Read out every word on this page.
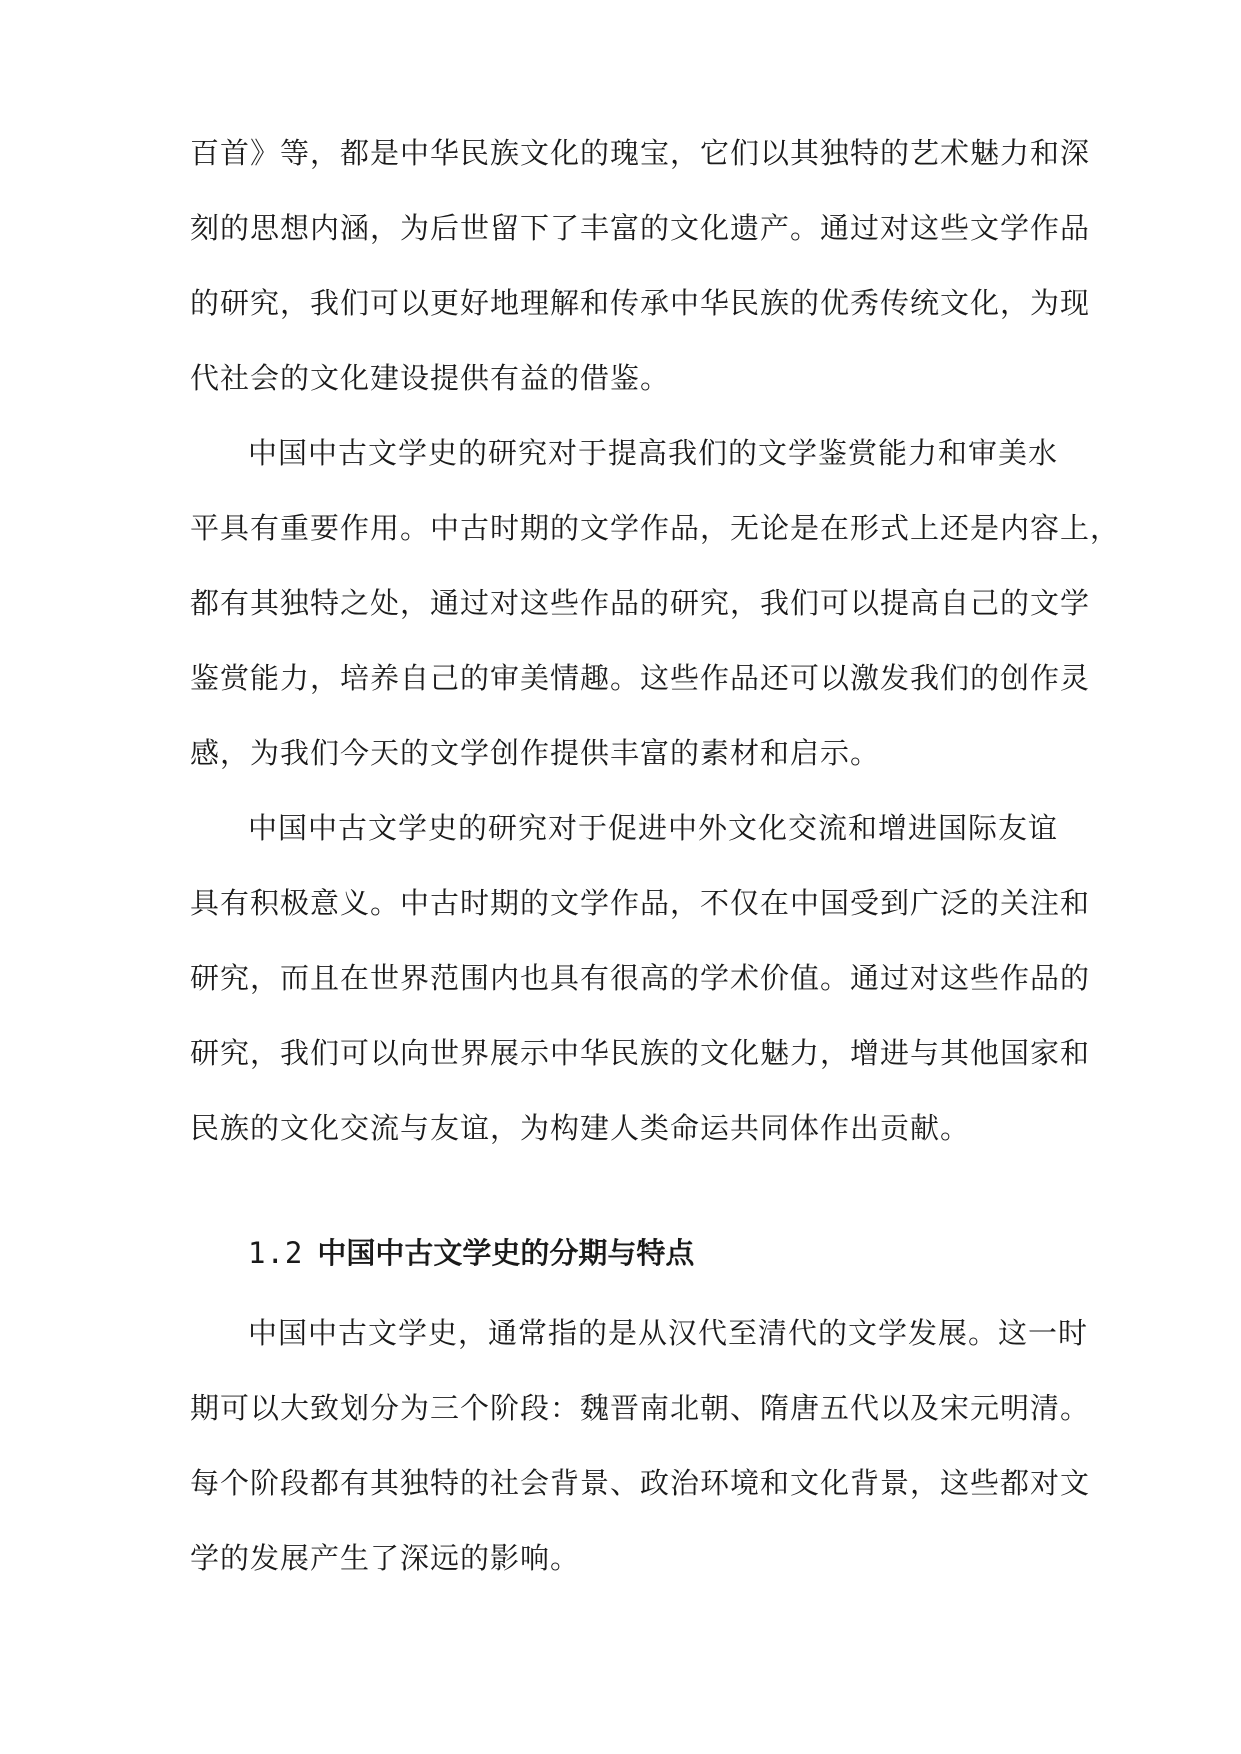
百首》等，都是中华民族文化的瑰宝，它们以其独特的艺术魅力和深
刻的思想内涵，为后世留下了丰富的文化遗产。通过对这些文学作品
的研究，我们可以更好地理解和传承中华民族的优秀传统文化，为现
代社会的文化建设提供有益的借鉴。
中国中古文学史的研究对于提高我们的文学鉴赏能力和审美水
平具有重要作用。中古时期的文学作品，无论是在形式上还是内容上，
都有其独特之处，通过对这些作品的研究，我们可以提高自己的文学
鉴赏能力，培养自己的审美情趣。这些作品还可以激发我们的创作灵
感，为我们今天的文学创作提供丰富的素材和启示。
中国中古文学史的研究对于促进中外文化交流和增进国际友谊
具有积极意义。中古时期的文学作品，不仅在中国受到广泛的关注和
研究，而且在世界范围内也具有很高的学术价值。通过对这些作品的
研究，我们可以向世界展示中华民族的文化魅力，增进与其他国家和
民族的文化交流与友谊，为构建人类命运共同体作出贡献。
1.2 中国中古文学史的分期与特点
中国中古文学史，通常指的是从汉代至清代的文学发展。这一时
期可以大致划分为三个阶段：魏晋南北朝、隋唐五代以及宋元明清。
每个阶段都有其独特的社会背景、政治环境和文化背景，这些都对文
学的发展产生了深远的影响。
